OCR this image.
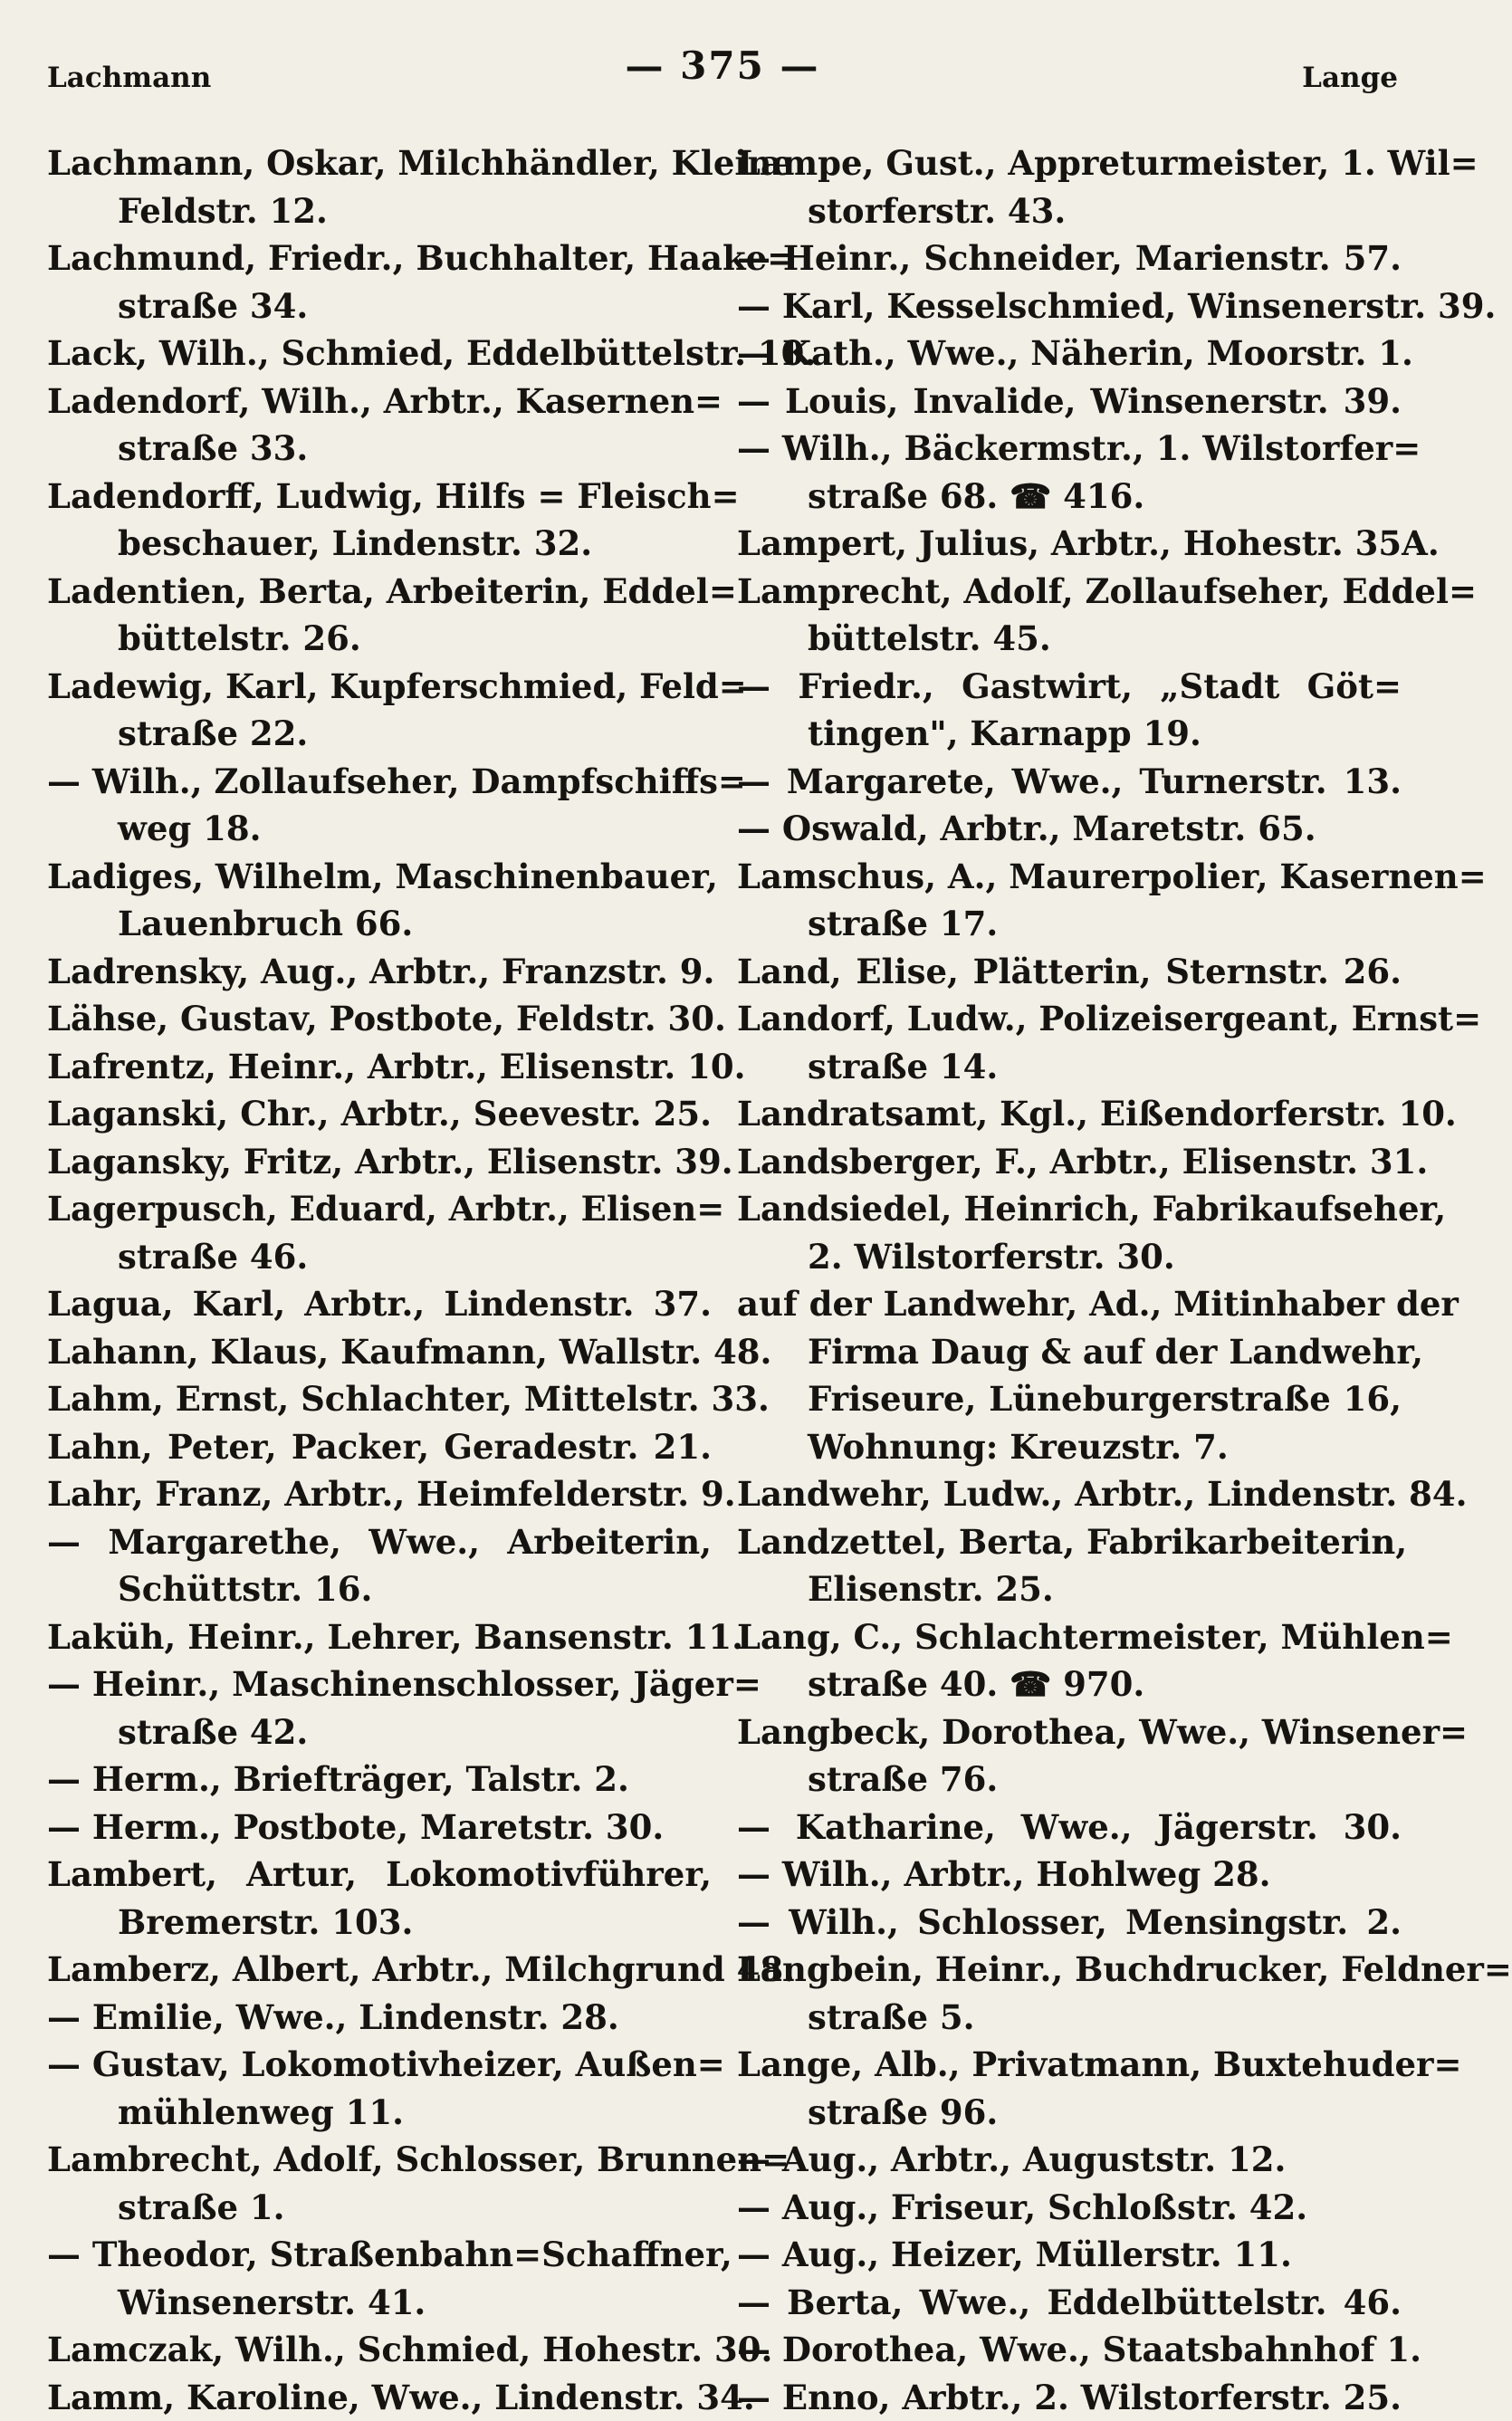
Lachmann	— 375 —	Lange
Lachmann, Oskar, Milchhändler, Kleine
Feldstr. 12.
Lachmund, Friedr., Buchhalter, Haake=
straße 34.
Lack, Wilh., Schmied, Eddelbüttelstr. 10.
Ladendorf, Wilh., Arbtr., Kasernen=
straße 33.
Ladendorff, Ludwig, Hilfs = Fleisch=
beschauer, Lindenstr. 32.
Ladentien, Berta, Arbeiterin, Eddel=
büttelstr. 26.
Ladewig, Karl, Kupferschmied, Feld=
straße 22.
— Wilh., Zollaufseher, Dampfschiffs=
weg 18.
Ladiges, Wilhelm, Maschinenbauer,
Lauenbruch 66.
Ladrensky, Aug., Arbtr., Franzstr. 9.
Lähse, Gustav, Postbote, Feldstr. 30.
Lafrentz, Heinr., Arbtr., Elisenstr. 10.
Laganski, Chr., Arbtr., Seevestr. 25.
Lagansky, Fritz, Arbtr., Elisenstr. 39.
Lagerpusch, Eduard, Arbtr., Elisen=
straße 46.
Lagua, Karl, Arbtr., Lindenstr. 37.
Lahann, Klaus, Kaufmann, Wallstr. 48.
Lahm, Ernst, Schlachter, Mittelstr. 33.
Lahn, Peter, Packer, Geradestr. 21.
Lahr, Franz, Arbtr., Heimfelderstr. 9.
— Margarethe, Wwe., Arbeiterin,
Schüttstr. 16.
Laküh, Heinr., Lehrer, Bansenstr. 11.
— Heinr., Maschinenschlosser, Jäger=
straße 42.
— Herm., Briefträger, Talstr. 2.
— Herm., Postbote, Maretstr. 30.
Lambert, Artur, Lokomotivführer,
Bremerstr. 103.
Lamberz, Albert, Arbtr., Milchgrund 48.
— Emilie, Wwe., Lindenstr. 28.
— Gustav, Lokomotivheizer, Außen=
mühlenweg 11.
Lambrecht, Adolf, Schlosser, Brunnen=
straße 1.
— Theodor, Straßenbahn=Schaffner,
Winsenerstr. 41.
Lamczak, Wilh., Schmied, Hohestr. 30.
Lamm, Karoline, Wwe., Lindenstr. 34.
Lampe, Gust., Appreturmeister, 1. Wil=
storferstr. 43.
— Heinr., Schneider, Marienstr. 57.
— Karl, Kesselschmied, Winsenerstr. 39.
— Kath., Wwe., Näherin, Moorstr. 1.
— Louis, Invalide, Winsenerstr. 39.
— Wilh., Bäckermstr., 1. Wilstorfer=
straße 68. ☎ 416.
Lampert, Julius, Arbtr., Hohestr. 35A.
Lamprecht, Adolf, Zollaufseher, Eddel=
büttelstr. 45.
— Friedr., Gastwirt, „Stadt Göt=
tingen", Karnapp 19.
— Margarete, Wwe., Turnerstr. 13.
— Oswald, Arbtr., Maretstr. 65.
Lamschus, A., Maurerpolier, Kasernen=
straße 17.
Land, Elise, Plätterin, Sternstr. 26.
Landorf, Ludw., Polizeisergeant, Ernst=
straße 14.
Landratsamt, Kgl., Eißendorferstr. 10.
Landsberger, F., Arbtr., Elisenstr. 31.
Landsiedel, Heinrich, Fabrikaufseher,
2. Wilstorferstr. 30.
auf der Landwehr, Ad., Mitinhaber der
Firma Daug & auf der Landwehr,
Friseure, Lüneburgerstraße 16,
Wohnung: Kreuzstr. 7.
Landwehr, Ludw., Arbtr., Lindenstr. 84.
Landzettel, Berta, Fabrikarbeiterin,
Elisenstr. 25.
Lang, C., Schlachtermeister, Mühlen=
straße 40. ☎ 970.
Langbeck, Dorothea, Wwe., Winsener=
straße 76.
— Katharine, Wwe., Jägerstr. 30.
— Wilh., Arbtr., Hohlweg 28.
— Wilh., Schlosser, Mensingstr. 2.
Langbein, Heinr., Buchdrucker, Feldner=
straße 5.
Lange, Alb., Privatmann, Buxtehuder=
straße 96.
— Aug., Arbtr., Auguststr. 12.
— Aug., Friseur, Schloßstr. 42.
— Aug., Heizer, Müllerstr. 11.
— Berta, Wwe., Eddelbüttelstr. 46.
— Dorothea, Wwe., Staatsbahnhof 1.
— Enno, Arbtr., 2. Wilstorferstr. 25.
